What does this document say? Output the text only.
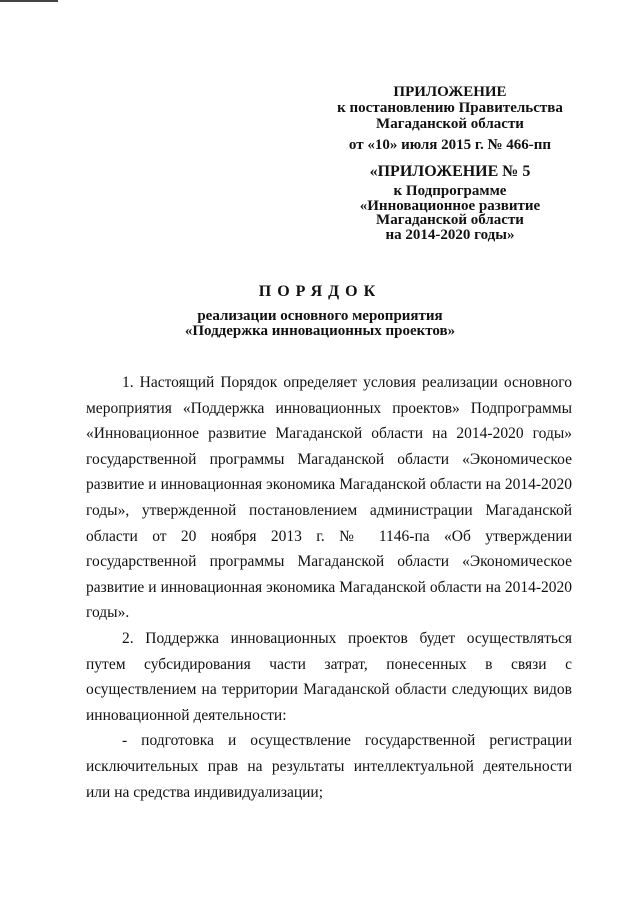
ПРИЛОЖЕНИЕ
к постановлению Правительства
Магаданской области
от «10» июля 2015 г. № 466-пп
«ПРИЛОЖЕНИЕ № 5
к Подпрограмме
«Инновационное развитие
Магаданской области
на 2014-2020 годы»
ПОРЯДОК
реализации основного мероприятия
«Поддержка инновационных проектов»

1. Настоящий Порядок определяет условия реализации основного мероприятия «Поддержка инновационных проектов» Подпрограммы «Инновационное развитие Магаданской области на 2014-2020 годы» государственной программы Магаданской области «Экономическое развитие и инновационная экономика Магаданской области на 2014-2020 годы», утвержденной постановлением администрации Магаданской области от 20 ноября 2013 г. № 1146-па «Об утверждении государственной программы Магаданской области «Экономическое развитие и инновационная экономика Магаданской области на 2014-2020 годы».

2. Поддержка инновационных проектов будет осуществляться путем субсидирования части затрат, понесенных в связи с осуществлением на территории Магаданской области следующих видов инновационной деятельности:

- подготовка и осуществление государственной регистрации исключительных прав на результаты интеллектуальной деятельности или на средства индивидуализации;
